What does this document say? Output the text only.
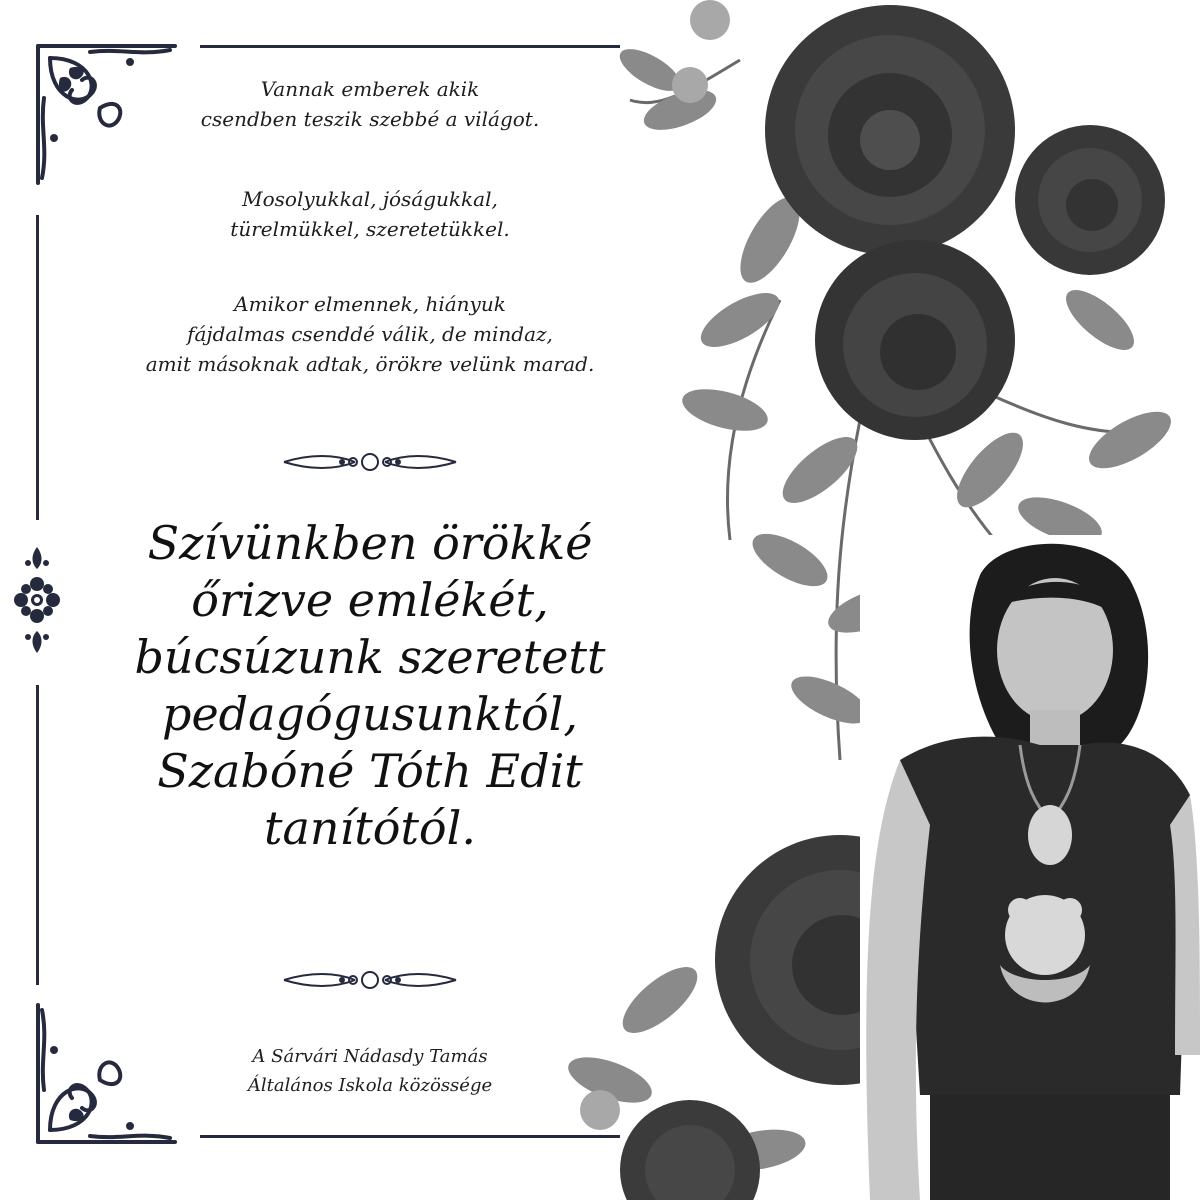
Vannak emberek akik

csendben teszik szebbé a világot.

Mosolyukkal, jóságukkal,

türelmükkel, szeretetükkel.

Amikor elmennek, hiányuk

fájdalmas csenddé válik, de mindaz,

amit másoknak adtak, örökre velünk marad.

Szívünkben örökké

őrizve emlékét,

búcsúzunk szeretett

pedagógusunktól,

Szabóné Tóth Edit

tanítótól.

A Sárvári Nádasdy Tamás

Általános Iskola közössége
